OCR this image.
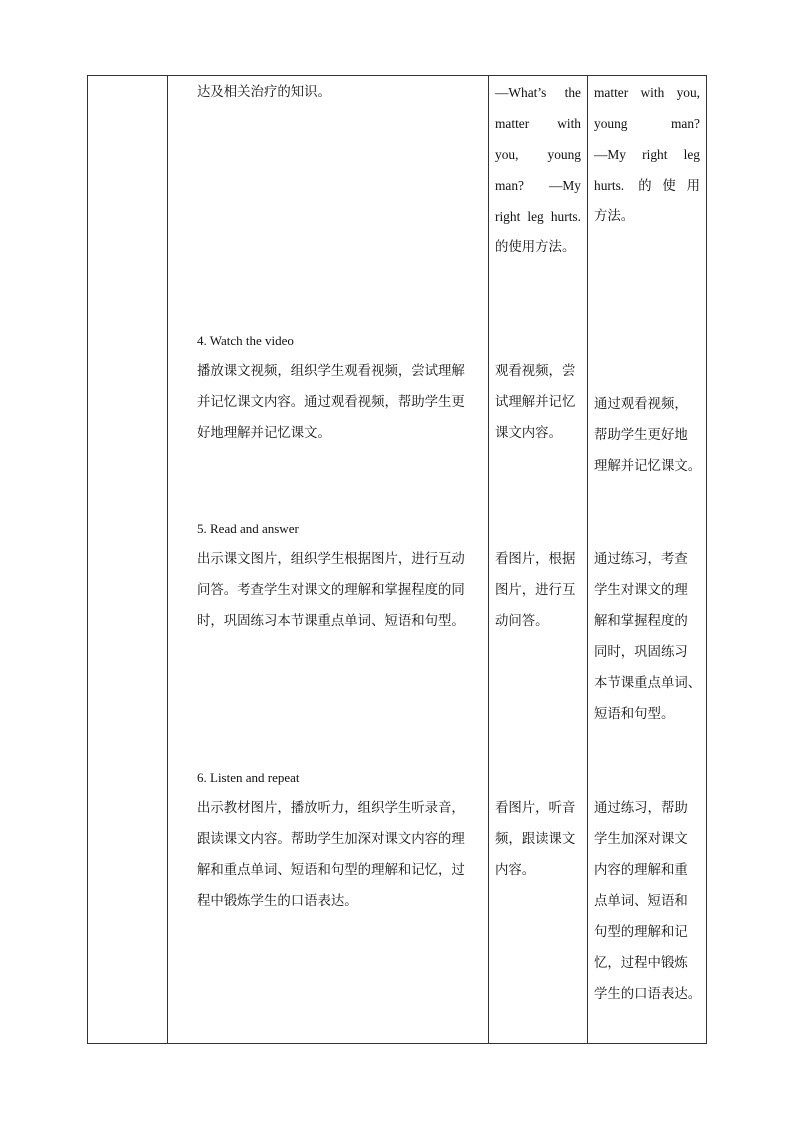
达及相关治疗的知识。	—What’s the
matter with
you, young
man? —My
right leg hurts.
的使用方法。
matter with you,
young man?
—My right leg
hurts. 的使用
方法。
4. Watch the video
播放课文视频，组织学生观看视频，尝试理解
并记忆课文内容。通过观看视频，帮助学生更
好地理解并记忆课文。
观看视频，尝
试理解并记忆
课文内容。
通过观看视频，
帮助学生更好地
理解并记忆课文。
5. Read and answer
出示课文图片，组织学生根据图片，进行互动
问答。考查学生对课文的理解和掌握程度的同
时，巩固练习本节课重点单词、短语和句型。
看图片，根据
图片，进行互
动问答。
通过练习，考查
学生对课文的理
解和掌握程度的
同时，巩固练习
本节课重点单词、
短语和句型。
6. Listen and repeat
出示教材图片，播放听力，组织学生听录音，
跟读课文内容。帮助学生加深对课文内容的理
解和重点单词、短语和句型的理解和记忆，过
程中锻炼学生的口语表达。
看图片，听音
频，跟读课文
内容。
通过练习，帮助
学生加深对课文
内容的理解和重
点单词、短语和
句型的理解和记
忆，过程中锻炼
学生的口语表达。
